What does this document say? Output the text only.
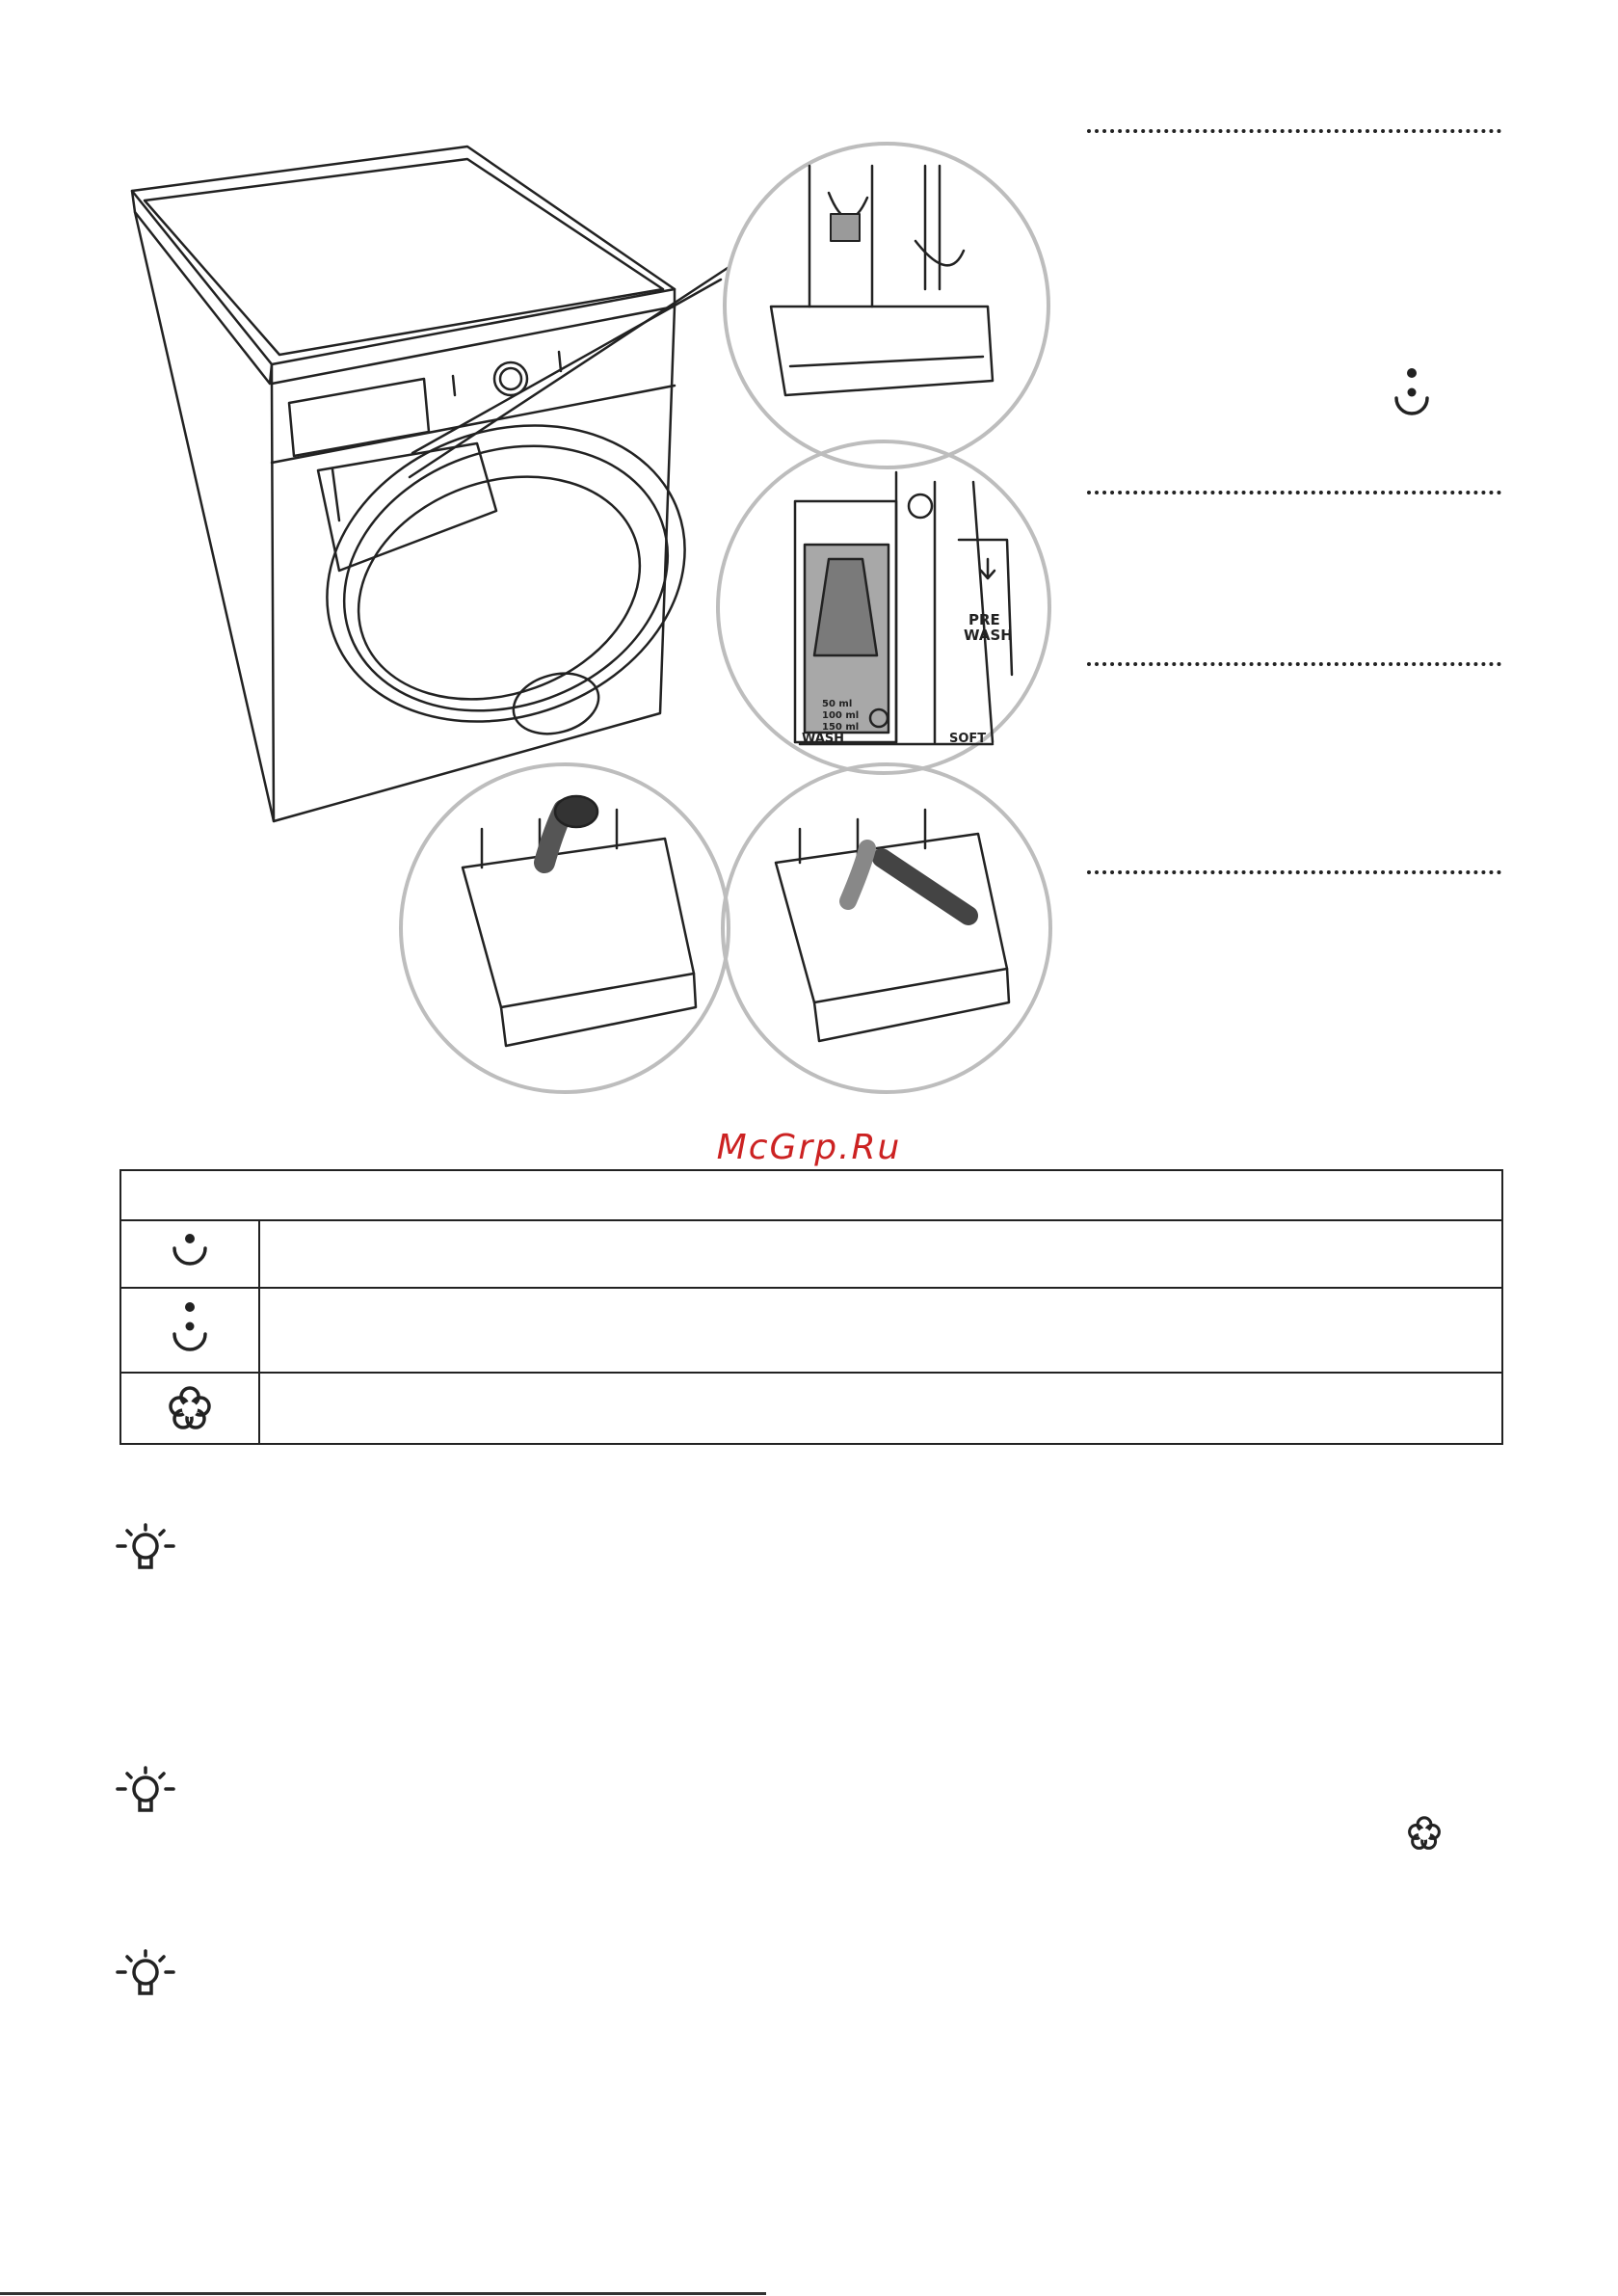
PRE
WASH
50 ml
100 ml
150 ml
WASH	SOFT
McGrp.Ru
